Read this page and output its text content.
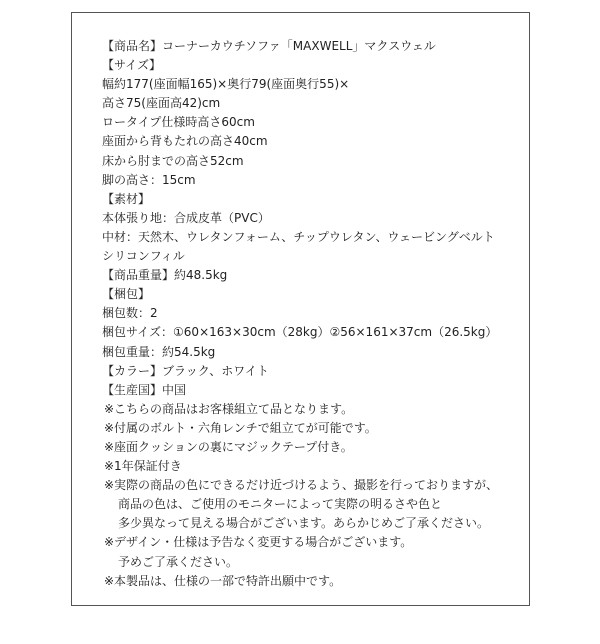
【商品名】コーナーカウチソファ「MAXWELL」マクスウェル
【サイズ】
幅約177(座面幅165)×奥行79(座面奥行55)×
高さ75(座面高42)cm
ロータイプ仕様時高さ60cm
座面から背もたれの高さ40cm
床から肘までの高さ52cm
脚の高さ：15cm
【素材】
本体張り地：合成皮革（PVC）
中材：天然木、ウレタンフォーム、チップウレタン、ウェービングベルト
シリコンフィル
【商品重量】約48.5kg
【梱包】
梱包数：2
梱包サイズ：①60×163×30cm（28kg）②56×161×37cm（26.5kg）
梱包重量：約54.5kg
【カラー】ブラック、ホワイト
【生産国】中国
※こちらの商品はお客様組立て品となります。
※付属のボルト・六角レンチで組立てが可能です。
※座面クッションの裏にマジックテープ付き。
※1年保証付き
※実際の商品の色にできるだけ近づけるよう、撮影を行っておりますが、
商品の色は、ご使用のモニターによって実際の明るさや色と
多少異なって見える場合がございます。あらかじめご了承ください。
※デザイン・仕様は予告なく変更する場合がございます。
予めご了承ください。
※本製品は、仕様の一部で特許出願中です。
